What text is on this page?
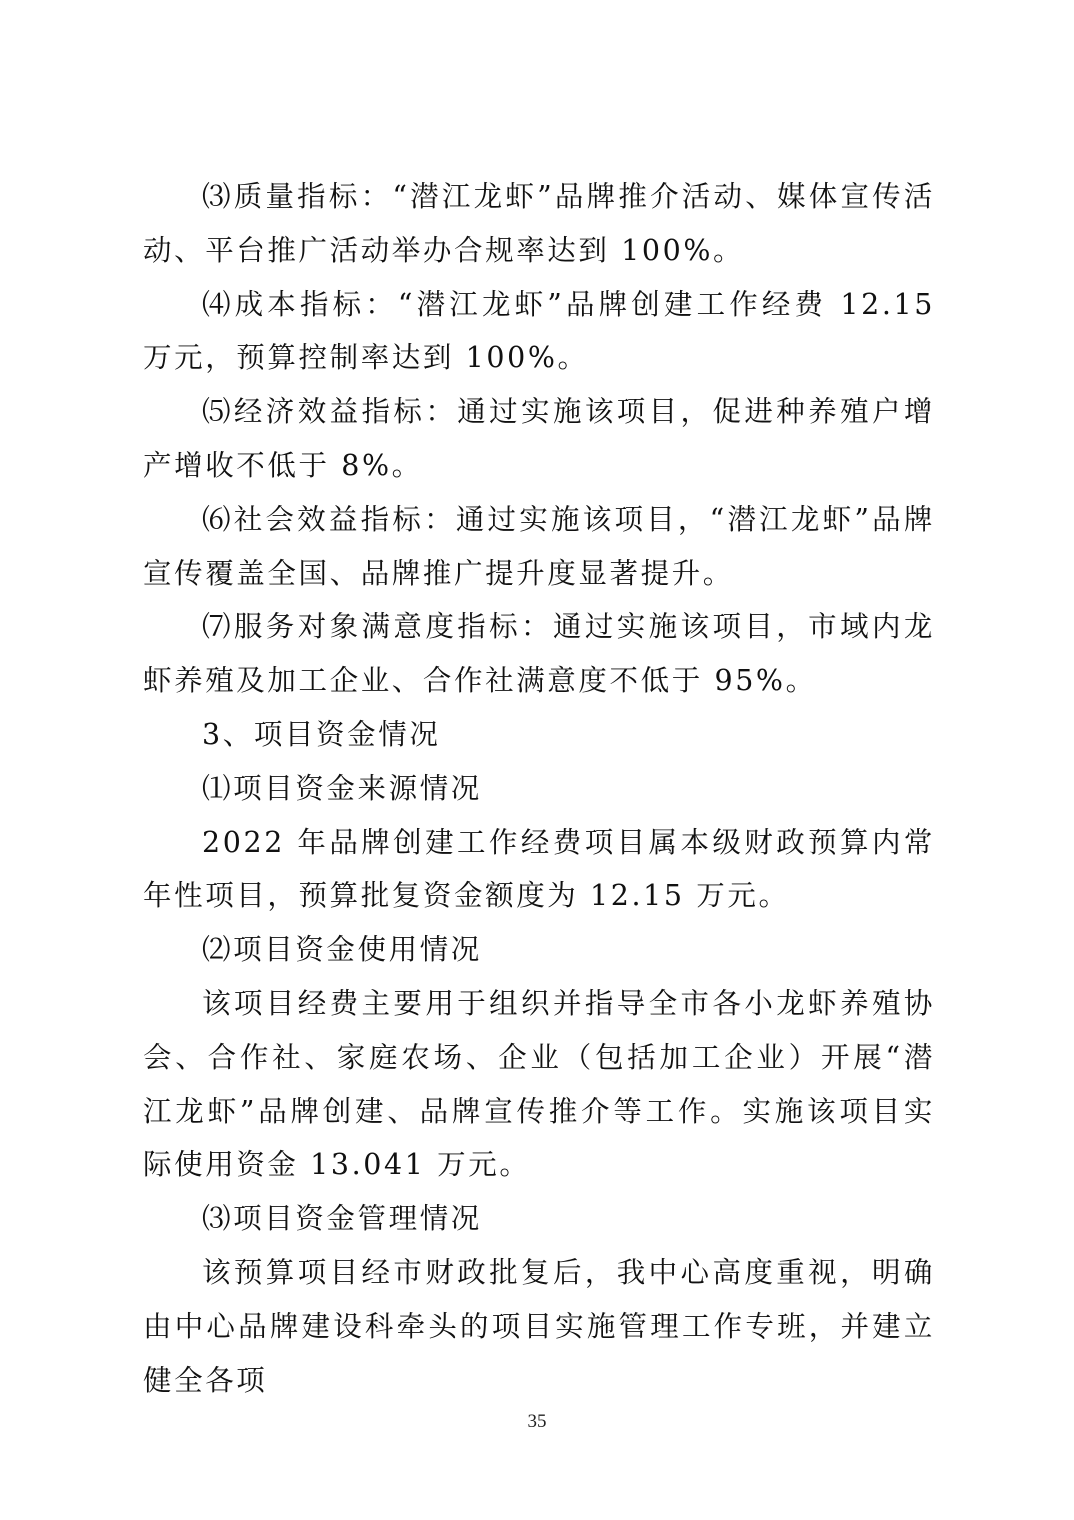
⑶质量指标：“潜江龙虾”品牌推介活动、媒体宣传活动、平台推广活动举办合规率达到 100%。

⑷成本指标：“潜江龙虾”品牌创建工作经费 12.15 万元，预算控制率达到 100%。

⑸经济效益指标：通过实施该项目，促进种养殖户增产增收不低于 8%。

⑹社会效益指标：通过实施该项目，“潜江龙虾”品牌宣传覆盖全国、品牌推广提升度显著提升。

⑺服务对象满意度指标：通过实施该项目，市域内龙虾养殖及加工企业、合作社满意度不低于 95%。

3、项目资金情况

⑴项目资金来源情况

2022 年品牌创建工作经费项目属本级财政预算内常年性项目，预算批复资金额度为 12.15 万元。

⑵项目资金使用情况

该项目经费主要用于组织并指导全市各小龙虾养殖协会、合作社、家庭农场、企业（包括加工企业）开展“潜江龙虾”品牌创建、品牌宣传推介等工作。实施该项目实际使用资金 13.041 万元。

⑶项目资金管理情况

该预算项目经市财政批复后，我中心高度重视，明确由中心品牌建设科牵头的项目实施管理工作专班，并建立健全各项

35
